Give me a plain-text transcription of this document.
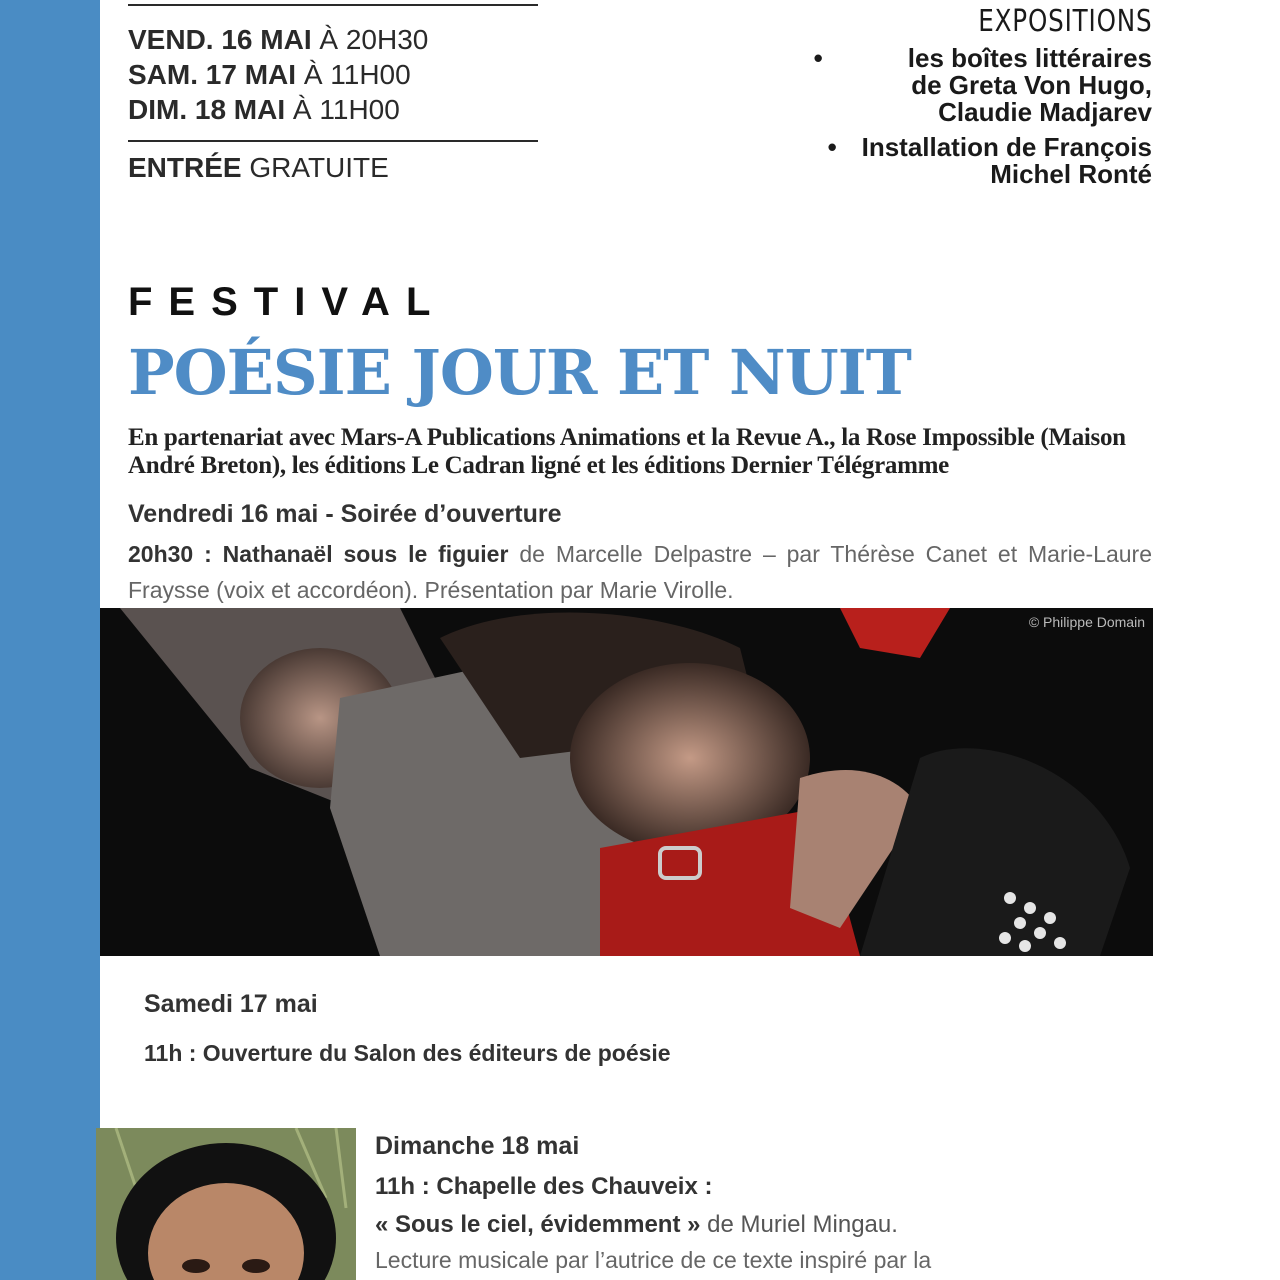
VEND. 16 MAI À 20H30
SAM. 17 MAI À 11H00
DIM. 18 MAI À 11H00
ENTRÉE GRATUITE
EXPOSITIONS
•	les boîtes littéraires
de Greta Von Hugo,
Claudie Madjarev
• Installation de François
Michel Ronté
FESTIVAL
POÉSIE JOUR ET NUIT
En partenariat avec Mars-A Publications Animations et la Revue A., la Rose Impossible (Maison André Breton), les éditions Le Cadran ligné et les éditions Dernier Télégramme
Vendredi 16 mai - Soirée d’ouverture
20h30 : Nathanaël sous le figuier de Marcelle Delpastre – par Thérèse Canet et Marie-Laure Fraysse (voix et accordéon). Présentation par Marie Virolle.
© Philippe Domain
Samedi 17 mai
11h : Ouverture du Salon des éditeurs de poésie
Dimanche 18 mai
11h : Chapelle des Chauveix :
« Sous le ciel, évidemment » de Muriel Mingau.
Lecture musicale par l’autrice de ce texte inspiré par la
